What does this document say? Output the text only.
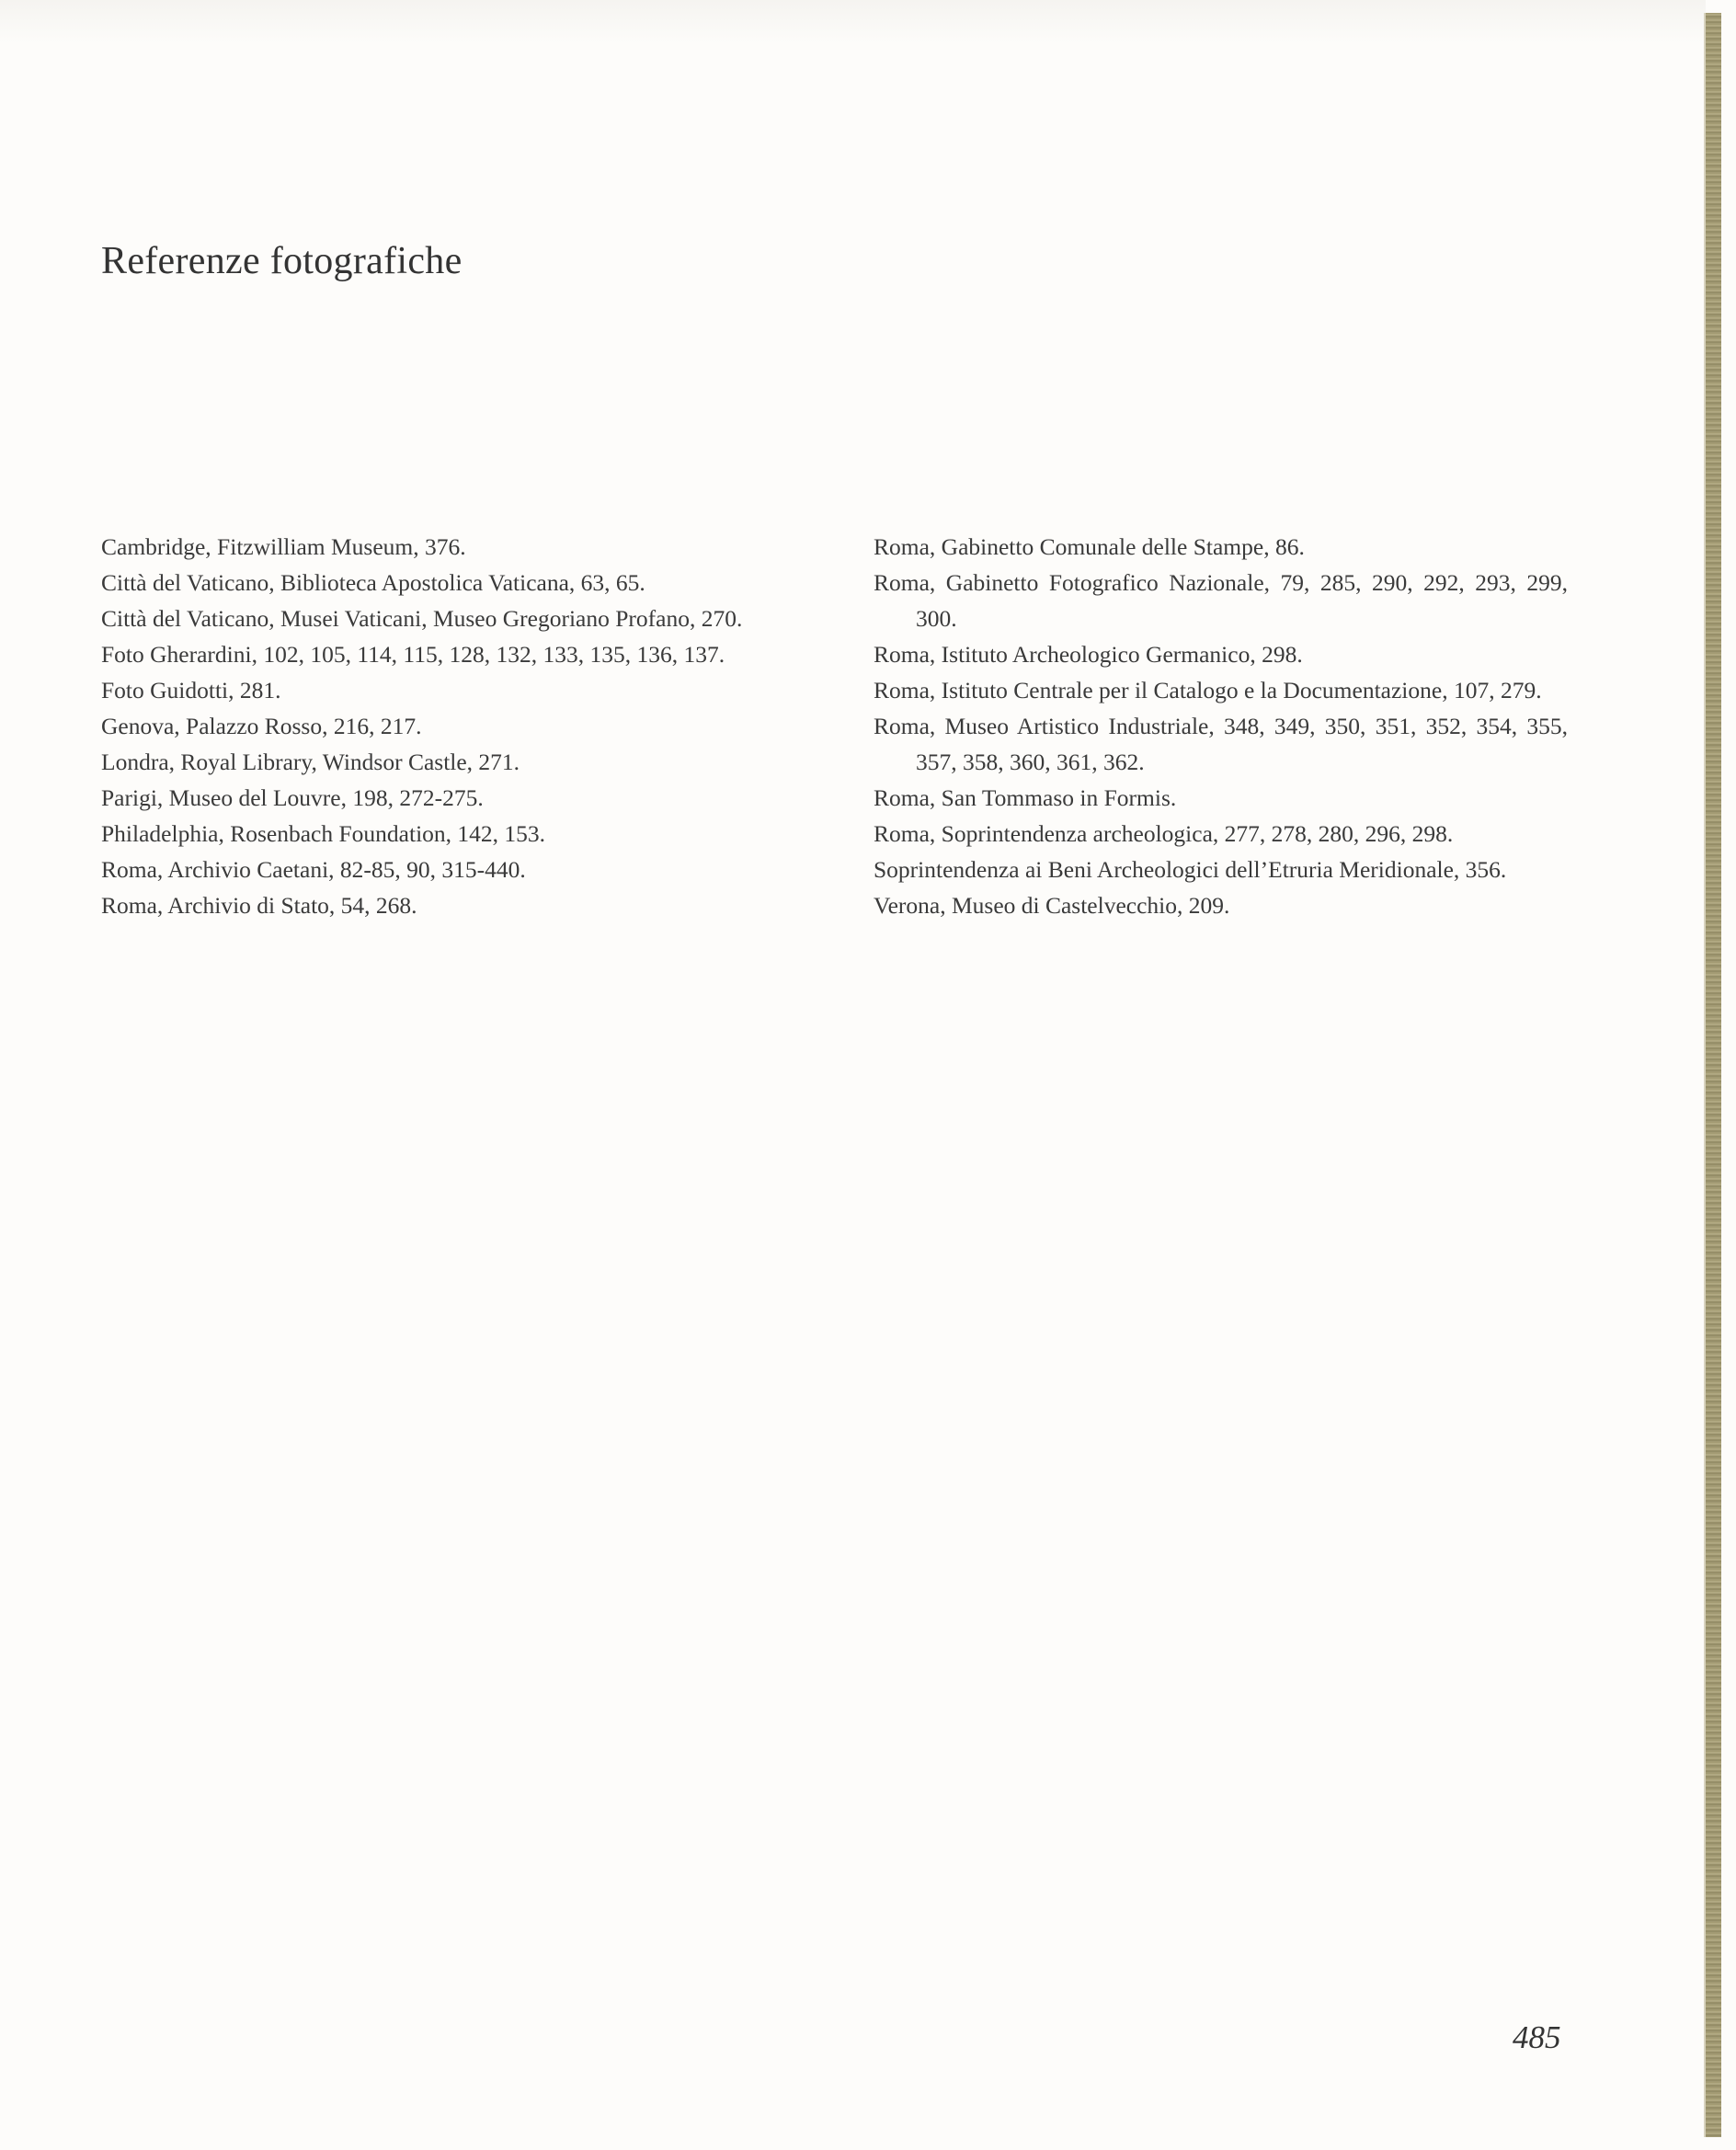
Referenze fotografiche
Cambridge, Fitzwilliam Museum, 376.
Città del Vaticano, Biblioteca Apostolica Vaticana, 63, 65.
Città del Vaticano, Musei Vaticani, Museo Gregoriano Profano, 270.
Foto Gherardini, 102, 105, 114, 115, 128, 132, 133, 135, 136, 137.
Foto Guidotti, 281.
Genova, Palazzo Rosso, 216, 217.
Londra, Royal Library, Windsor Castle, 271.
Parigi, Museo del Louvre, 198, 272-275.
Philadelphia, Rosenbach Foundation, 142, 153.
Roma, Archivio Caetani, 82-85, 90, 315-440.
Roma, Archivio di Stato, 54, 268.
Roma, Gabinetto Comunale delle Stampe, 86.
Roma, Gabinetto Fotografico Nazionale, 79, 285, 290, 292, 293, 299, 300.
Roma, Istituto Archeologico Germanico, 298.
Roma, Istituto Centrale per il Catalogo e la Documentazione, 107, 279.
Roma, Museo Artistico Industriale, 348, 349, 350, 351, 352, 354, 355, 357, 358, 360, 361, 362.
Roma, San Tommaso in Formis.
Roma, Soprintendenza archeologica, 277, 278, 280, 296, 298.
Soprintendenza ai Beni Archeologici dell’Etruria Meridionale, 356.
Verona, Museo di Castelvecchio, 209.
485
